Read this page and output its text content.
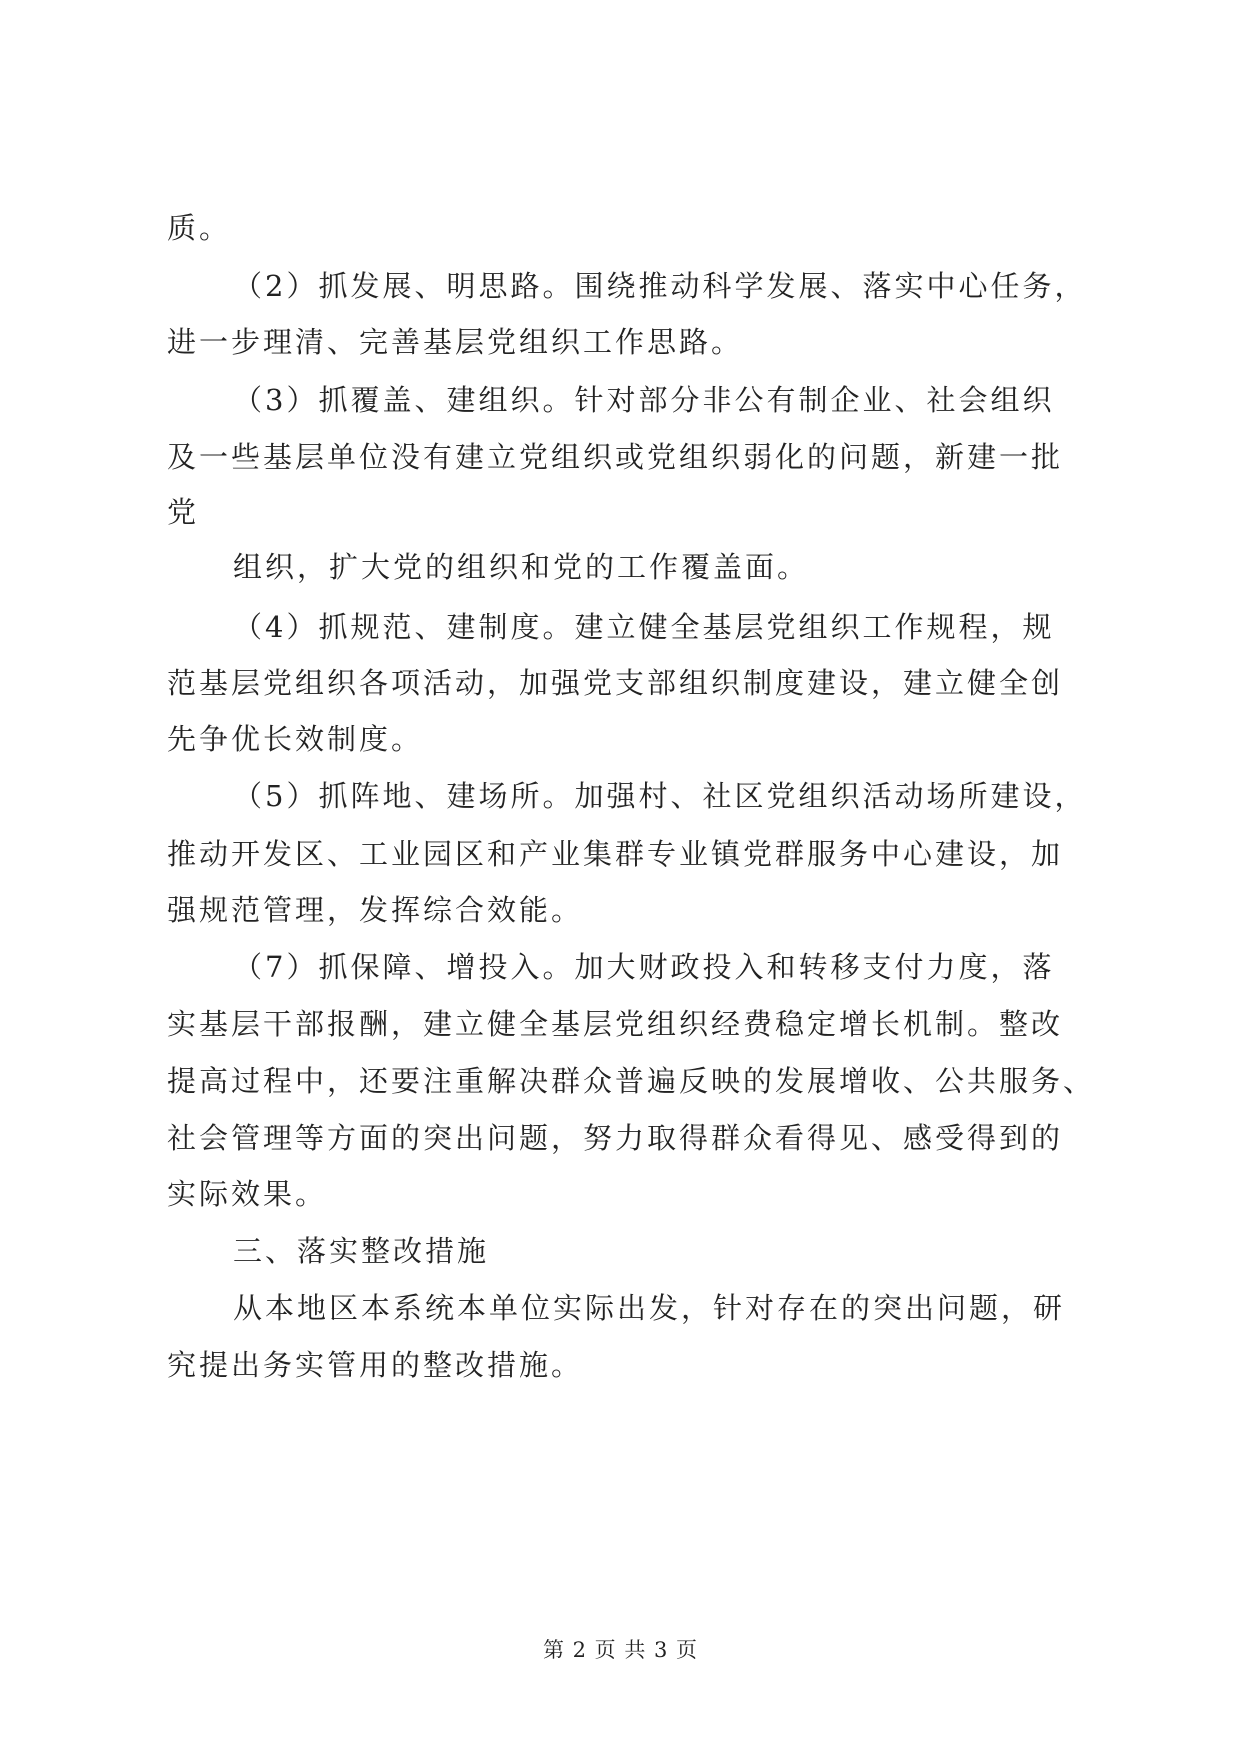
质。
（2）抓发展、明思路。围绕推动科学发展、落实中心任务，
进一步理清、完善基层党组织工作思路。
（3）抓覆盖、建组织。针对部分非公有制企业、社会组织
及一些基层单位没有建立党组织或党组织弱化的问题，新建一批
党
组织，扩大党的组织和党的工作覆盖面。
（4）抓规范、建制度。建立健全基层党组织工作规程，规
范基层党组织各项活动，加强党支部组织制度建设，建立健全创
先争优长效制度。
（5）抓阵地、建场所。加强村、社区党组织活动场所建设，
推动开发区、工业园区和产业集群专业镇党群服务中心建设，加
强规范管理，发挥综合效能。
（7）抓保障、增投入。加大财政投入和转移支付力度，落
实基层干部报酬，建立健全基层党组织经费稳定增长机制。整改
提高过程中，还要注重解决群众普遍反映的发展增收、公共服务、
社会管理等方面的突出问题，努力取得群众看得见、感受得到的
实际效果。
三、落实整改措施
从本地区本系统本单位实际出发，针对存在的突出问题，研
究提出务实管用的整改措施。
第 2 页 共 3 页
